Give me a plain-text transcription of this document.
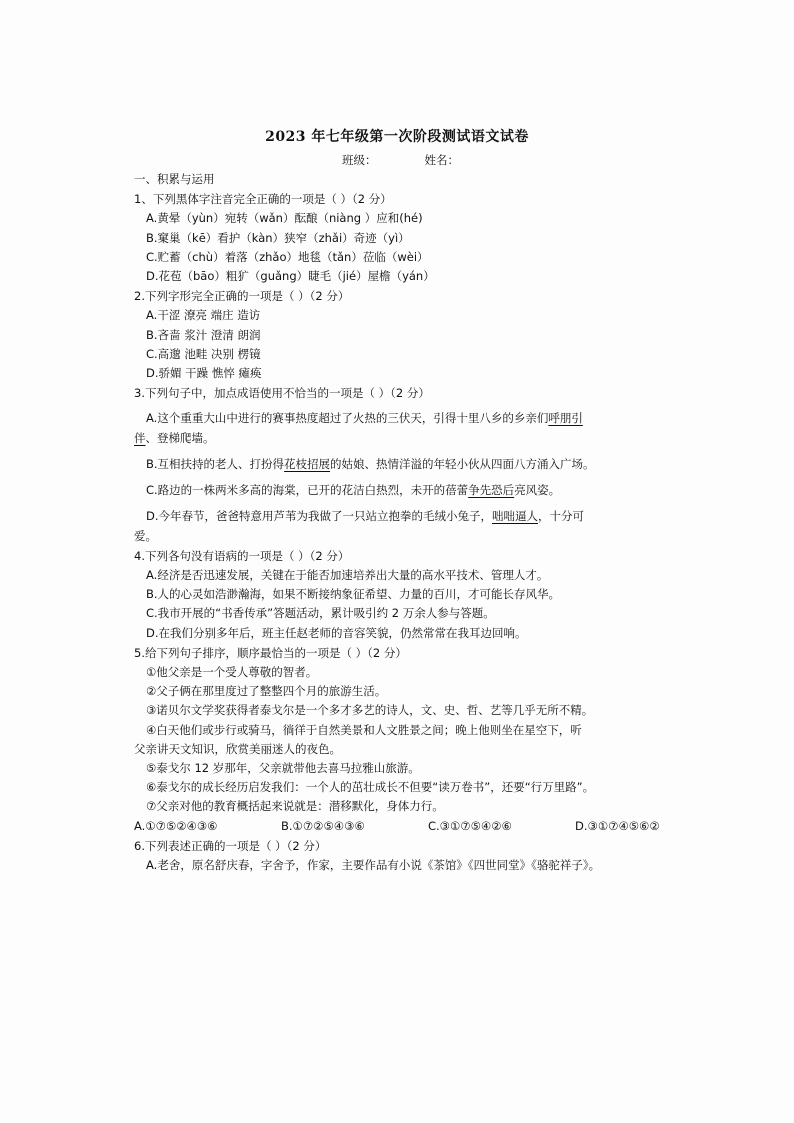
2023 年七年级第一次阶段测试语文试卷
班级：	姓名：
一、积累与运用
1、下列黑体字注音完全正确的一项是（ ）（2 分）
A.黄晕（yùn）宛转（wǎn）酝酿（niàng ）应和(hé)
B.窠巢（kē）看护（kàn）狭窄（zhǎi）奇迹（yì）
C.贮蓄（chù）着落（zhǎo）地毯（tǎn）莅临（wèi）
D.花苞（bāo）粗犷（guǎng）睫毛（jié）屋檐（yán）
2.下列字形完全正确的一项是（ ）（2 分）
A.干涩 潦亮 端庄 造访
B.吝啬 浆汁 澄清 朗润
C.高邈 池畦 决别 楞镜
D.骄媚 干躁 憔悴 瘫痪
3.下列句子中，加点成语使用不恰当的一项是（ ）（2 分）
A.这个重重大山中进行的赛事热度超过了火热的三伏天，引得十里八乡的乡亲们呼朋引
伴、登梯爬墙。
B.互相扶持的老人、打扮得花枝招展的姑娘、热情洋溢的年轻小伙从四面八方涌入广场。
C.路边的一株两米多高的海棠，已开的花洁白热烈，未开的蓓蕾争先恐后亮风姿。
D.今年春节，爸爸特意用芦苇为我做了一只站立抱拳的毛绒小兔子，咄咄逼人，十分可
爱。
4.下列各句没有语病的一项是（ ）（2 分）
A.经济是否迅速发展，关键在于能否加速培养出大量的高水平技术、管理人才。
B.人的心灵如浩渺瀚海，如果不断接纳象征希望、力量的百川，才可能长存风华。
C.我市开展的“书香传承”答题活动，累计吸引约 2 万余人参与答题。
D.在我们分别多年后，班主任赵老师的音容笑貌，仍然常常在我耳边回响。
5.给下列句子排序，顺序最恰当的一项是（ ）（2 分）
①他父亲是一个受人尊敬的智者。
②父子俩在那里度过了整整四个月的旅游生活。
③诺贝尔文学奖获得者泰戈尔是一个多才多艺的诗人，文、史、哲、艺等几乎无所不精。
④白天他们或步行或骑马，徜徉于自然美景和人文胜景之间；晚上他则坐在星空下，听
父亲讲天文知识，欣赏美丽迷人的夜色。
⑤泰戈尔 12 岁那年，父亲就带他去喜马拉雅山旅游。
⑥泰戈尔的成长经历启发我们：一个人的茁壮成长不但要“读万卷书”，还要“行万里路”。
⑦父亲对他的教育概括起来说就是：潜移默化，身体力行。
A.①⑦⑤②④③⑥	B.①⑦②⑤④③⑥	C.③①⑦⑤④②⑥	D.③①⑦④⑤⑥②
6.下列表述正确的一项是（ ）（2 分）
A.老舍，原名舒庆春，字舍予，作家，主要作品有小说《茶馆》《四世同堂》《骆驼祥子》。
